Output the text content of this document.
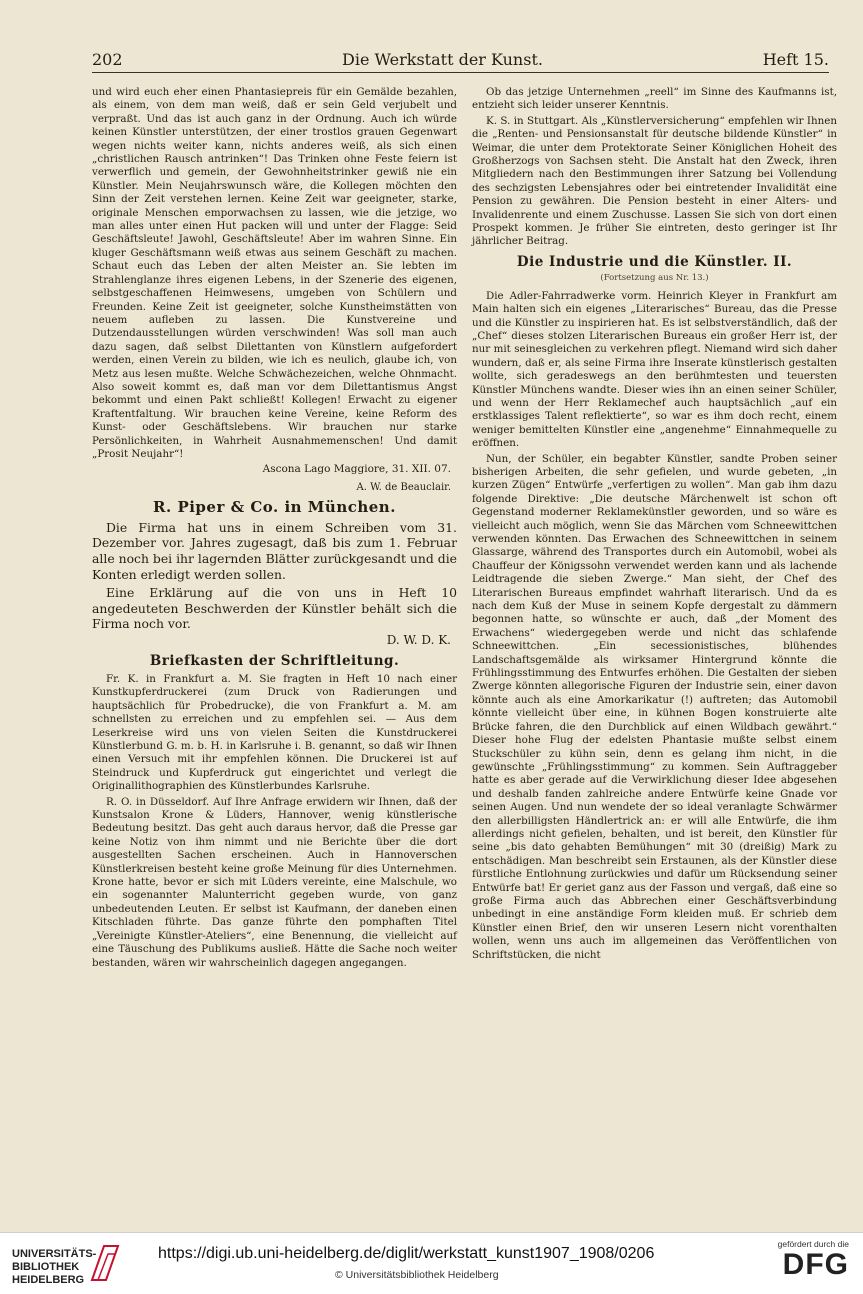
202	Die Werkstatt der Kunst.	Heft 15.

und wird euch eher einen Phantasiepreis für ein Gemälde bezahlen, als einem, von dem man weiß, daß er sein Geld verjubelt und verpraßt. Und das ist auch ganz in der Ordnung. Auch ich würde keinen Künstler unterstützen, der einer trostlos grauen Gegenwart wegen nichts weiter kann, nichts anderes weiß, als sich einen „christlichen Rausch antrinken“! Das Trinken ohne Feste feiern ist verwerflich und gemein, der Gewohnheitstrinker gewiß nie ein Künstler. Mein Neujahrswunsch wäre, die Kollegen möchten den Sinn der Zeit verstehen lernen. Keine Zeit war geeigneter, starke, originale Menschen emporwachsen zu lassen, wie die jetzige, wo man alles unter einen Hut packen will und unter der Flagge: Seid Geschäftsleute! Jawohl, Geschäftsleute! Aber im wahren Sinne. Ein kluger Geschäftsmann weiß etwas aus seinem Geschäft zu machen. Schaut euch das Leben der alten Meister an. Sie lebten im Strahlenglanze ihres eigenen Lebens, in der Szenerie des eigenen, selbstgeschaffenen Heimwesens, umgeben von Schülern und Freunden. Keine Zeit ist geeigneter, solche Kunstheimstätten von neuem aufleben zu lassen. Die Kunstvereine und Dutzendausstellungen würden verschwinden! Was soll man auch dazu sagen, daß selbst Dilettanten von Künstlern aufgefordert werden, einen Verein zu bilden, wie ich es neulich, glaube ich, von Metz aus lesen mußte. Welche Schwächezeichen, welche Ohnmacht. Also soweit kommt es, daß man vor dem Dilettantismus Angst bekommt und einen Pakt schließt! Kollegen! Erwacht zu eigener Kraftentfaltung. Wir brauchen keine Vereine, keine Reform des Kunst- oder Geschäftslebens. Wir brauchen nur starke Persönlichkeiten, in Wahrheit Ausnahmemenschen! Und damit „Prosit Neujahr“!

Ascona Lago Maggiore, 31. XII. 07.
A. W. de Beauclair.
R. Piper & Co. in München.

Die Firma hat uns in einem Schreiben vom 31. Dezember vor. Jahres zugesagt, daß bis zum 1. Februar alle noch bei ihr lagernden Blätter zurückgesandt und die Konten erledigt werden sollen.

Eine Erklärung auf die von uns in Heft 10 angedeuteten Beschwerden der Künstler behält sich die Firma noch vor.

D. W. D. K.
Briefkasten der Schriftleitung.

Fr. K. in Frankfurt a. M. Sie fragten in Heft 10 nach einer Kunstkupferdruckerei (zum Druck von Radierungen und hauptsächlich für Probedrucke), die von Frankfurt a. M. am schnellsten zu erreichen und zu empfehlen sei. — Aus dem Leserkreise wird uns von vielen Seiten die Kunstdruckerei Künstlerbund G. m. b. H. in Karlsruhe i. B. genannt, so daß wir Ihnen einen Versuch mit ihr empfehlen können. Die Druckerei ist auf Steindruck und Kupferdruck gut eingerichtet und verlegt die Originallithographien des Künstlerbundes Karlsruhe.

R. O. in Düsseldorf. Auf Ihre Anfrage erwidern wir Ihnen, daß der Kunstsalon Krone & Lüders, Hannover, wenig künstlerische Bedeutung besitzt. Das geht auch daraus hervor, daß die Presse gar keine Notiz von ihm nimmt und nie Berichte über die dort ausgestellten Sachen erscheinen. Auch in Hannoverschen Künstlerkreisen besteht keine große Meinung für dies Unternehmen. Krone hatte, bevor er sich mit Lüders vereinte, eine Malschule, wo ein sogenannter Malunterricht gegeben wurde, von ganz unbedeutenden Leuten. Er selbst ist Kaufmann, der daneben einen Kitschladen führte. Das ganze führte den pomphaften Titel „Vereinigte Künstler-Ateliers“, eine Benennung, die vielleicht auf eine Täuschung des Publikums ausließ. Hätte die Sache noch weiter bestanden, wären wir wahrscheinlich dagegen angegangen.

Ob das jetzige Unternehmen „reell“ im Sinne des Kaufmanns ist, entzieht sich leider unserer Kenntnis.

K. S. in Stuttgart. Als „Künstlerversicherung“ empfehlen wir Ihnen die „Renten- und Pensionsanstalt für deutsche bildende Künstler“ in Weimar, die unter dem Protektorate Seiner Königlichen Hoheit des Großherzogs von Sachsen steht. Die Anstalt hat den Zweck, ihren Mitgliedern nach den Bestimmungen ihrer Satzung bei Vollendung des sechzigsten Lebensjahres oder bei eintretender Invalidität eine Pension zu gewähren. Die Pension besteht in einer Alters- und Invalidenrente und einem Zuschusse. Lassen Sie sich von dort einen Prospekt kommen. Je früher Sie eintreten, desto geringer ist Ihr jährlicher Beitrag.

Die Industrie und die Künstler. II.
(Fortsetzung aus Nr. 13.)

Die Adler-Fahrradwerke vorm. Heinrich Kleyer in Frankfurt am Main halten sich ein eigenes „Literarisches“ Bureau, das die Presse und die Künstler zu inspirieren hat. Es ist selbstverständlich, daß der „Chef“ dieses stolzen Literarischen Bureaus ein großer Herr ist, der nur mit seinesgleichen zu verkehren pflegt. Niemand wird sich daher wundern, daß er, als seine Firma ihre Inserate künstlerisch gestalten wollte, sich geradeswegs an den berühmtesten und teuersten Künstler Münchens wandte. Dieser wies ihn an einen seiner Schüler, und wenn der Herr Reklamechef auch hauptsächlich „auf ein erstklassiges Talent reflektierte“, so war es ihm doch recht, einem weniger bemittelten Künstler eine „angenehme“ Einnahmequelle zu eröffnen.

Nun, der Schüler, ein begabter Künstler, sandte Proben seiner bisherigen Arbeiten, die sehr gefielen, und wurde gebeten, „in kurzen Zügen“ Entwürfe „verfertigen zu wollen“. Man gab ihm dazu folgende Direktive: „Die deutsche Märchenwelt ist schon oft Gegenstand moderner Reklamekünstler geworden, und so wäre es vielleicht auch möglich, wenn Sie das Märchen vom Schneewittchen verwenden könnten. Das Erwachen des Schneewittchen in seinem Glassarge, während des Transportes durch ein Automobil, wobei als Chauffeur der Königssohn verwendet werden kann und als lachende Leidtragende die sieben Zwerge.“ Man sieht, der Chef des Literarischen Bureaus empfindet wahrhaft literarisch. Und da es nach dem Kuß der Muse in seinem Kopfe dergestalt zu dämmern begonnen hatte, so wünschte er auch, daß „der Moment des Erwachens“ wiedergegeben werde und nicht das schlafende Schneewittchen. „Ein secessionistisches, blühendes Landschaftsgemälde als wirksamer Hintergrund könnte die Frühlingsstimmung des Entwurfes erhöhen. Die Gestalten der sieben Zwerge könnten allegorische Figuren der Industrie sein, einer davon könnte auch als eine Amorkarikatur (!) auftreten; das Automobil könnte vielleicht über eine, in kühnen Bogen konstruierte alte Brücke fahren, die den Durchblick auf einen Wildbach gewährt.“ Dieser hohe Flug der edelsten Phantasie mußte selbst einem Stuckschüler zu kühn sein, denn es gelang ihm nicht, in die gewünschte „Frühlingsstimmung“ zu kommen. Sein Auftraggeber hatte es aber gerade auf die Verwirklichung dieser Idee abgesehen und deshalb fanden zahlreiche andere Entwürfe keine Gnade vor seinen Augen. Und nun wendete der so ideal veranlagte Schwärmer den allerbilligsten Händlertrick an: er will alle Entwürfe, die ihm allerdings nicht gefielen, behalten, und ist bereit, den Künstler für seine „bis dato gehabten Bemühungen“ mit 30 (dreißig) Mark zu entschädigen. Man beschreibt sein Erstaunen, als der Künstler diese fürstliche Entlohnung zurückwies und dafür um Rücksendung seiner Entwürfe bat! Er geriet ganz aus der Fasson und vergaß, daß eine so große Firma auch das Abbrechen einer Geschäftsverbindung unbedingt in eine anständige Form kleiden muß. Er schrieb dem Künstler einen Brief, den wir unseren Lesern nicht vorenthalten wollen, wenn uns auch im allgemeinen das Veröffentlichen von Schriftstücken, die nicht

UNIVERSITÄTS-
BIBLIOTHEK
HEIDELBERG
https://digi.ub.uni-heidelberg.de/diglit/werkstatt_kunst1907_1908/0206
© Universitätsbibliothek Heidelberg
gefördert durch die
DFG
